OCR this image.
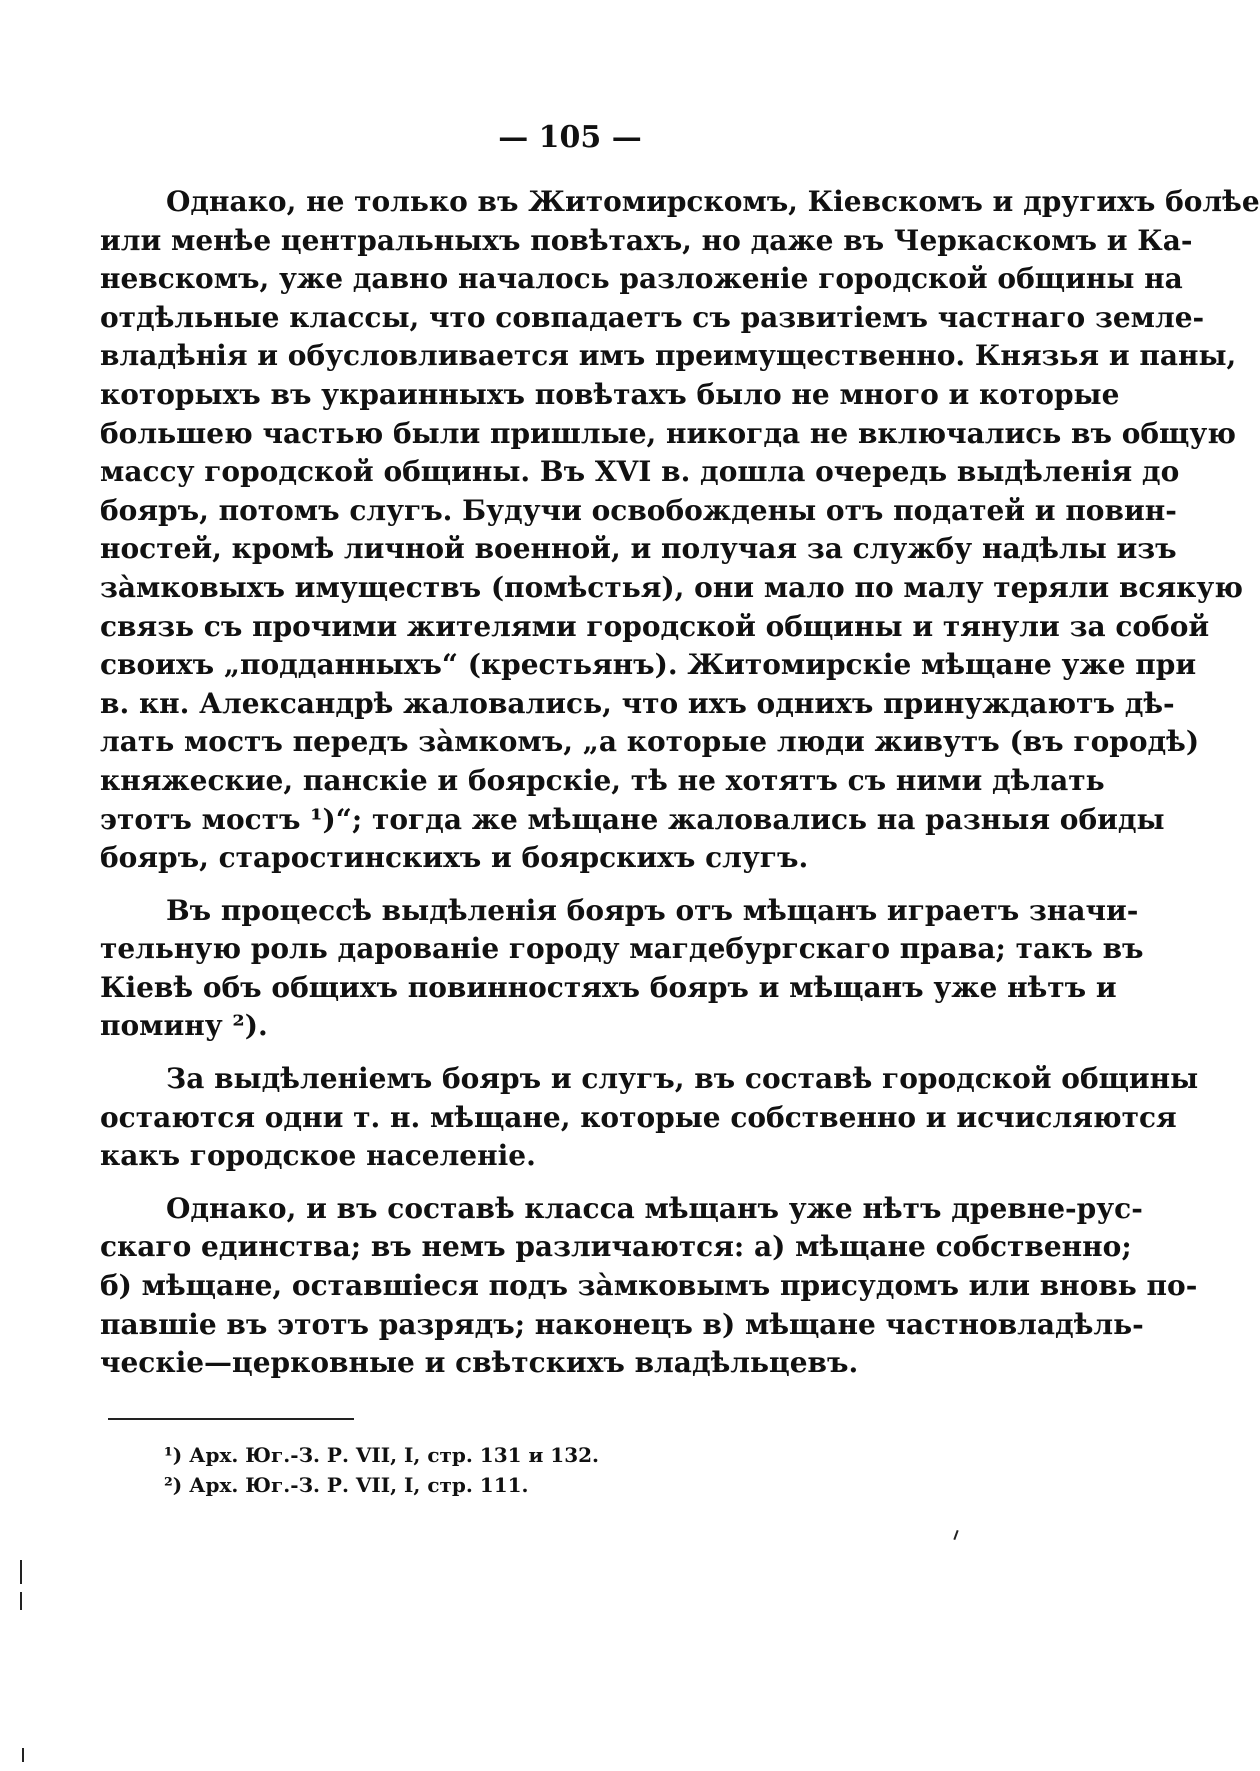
— 105 —
Однако, не только въ Житомирскомъ, Кіевскомъ и другихъ болѣе
или менѣе центральныхъ повѣтахъ, но даже въ Черкаскомъ и Ка-
невскомъ, уже давно началось разложеніе городской общины на
отдѣльные классы, что совпадаетъ съ развитіемъ частнаго земле-
владѣнія и обусловливается имъ преимущественно. Князья и паны,
которыхъ въ украинныхъ повѣтахъ было не много и которые
большею частью были пришлые, никогда не включались въ общую
массу городской общины. Въ XVI в. дошла очередь выдѣленія до
бояръ, потомъ слугъ. Будучи освобождены отъ податей и повин-
ностей, кромѣ личной военной, и получая за службу надѣлы изъ
зàмковыхъ имуществъ (помѣстья), они мало по малу теряли всякую
связь съ прочими жителями городской общины и тянули за собой
своихъ „подданныхъ“ (крестьянъ). Житомирскіе мѣщане уже при
в. кн. Александрѣ жаловались, что ихъ однихъ принуждаютъ дѣ-
лать мостъ передъ зàмкомъ, „а которые люди живутъ (въ городѣ)
княжеские, панскіе и боярскіе, тѣ не хотятъ съ ними дѣлать
этотъ мостъ ¹)“; тогда же мѣщане жаловались на разныя обиды
бояръ, старостинскихъ и боярскихъ слугъ.
Въ процессѣ выдѣленія бояръ отъ мѣщанъ играетъ значи-
тельную роль дарованіе городу магдебургскаго права; такъ въ
Кіевѣ объ общихъ повинностяхъ бояръ и мѣщанъ уже нѣтъ и
помину ²).
За выдѣленіемъ бояръ и слугъ, въ составѣ городской общины
остаются одни т. н. мѣщане, которые собственно и исчисляются
какъ городское населеніе.
Однако, и въ составѣ класса мѣщанъ уже нѣтъ древне-рус-
скаго единства; въ немъ различаются: а) мѣщане собственно;
б) мѣщане, оставшіеся подъ зàмковымъ присудомъ или вновь по-
павшіе въ этотъ разрядъ; наконецъ в) мѣщане частновладѣль-
ческіе—церковные и свѣтскихъ владѣльцевъ.
¹) Арх. Юг.-З. Р. VII, I, стр. 131 и 132.
²) Арх. Юг.-З. Р. VII, I, стр. 111.
